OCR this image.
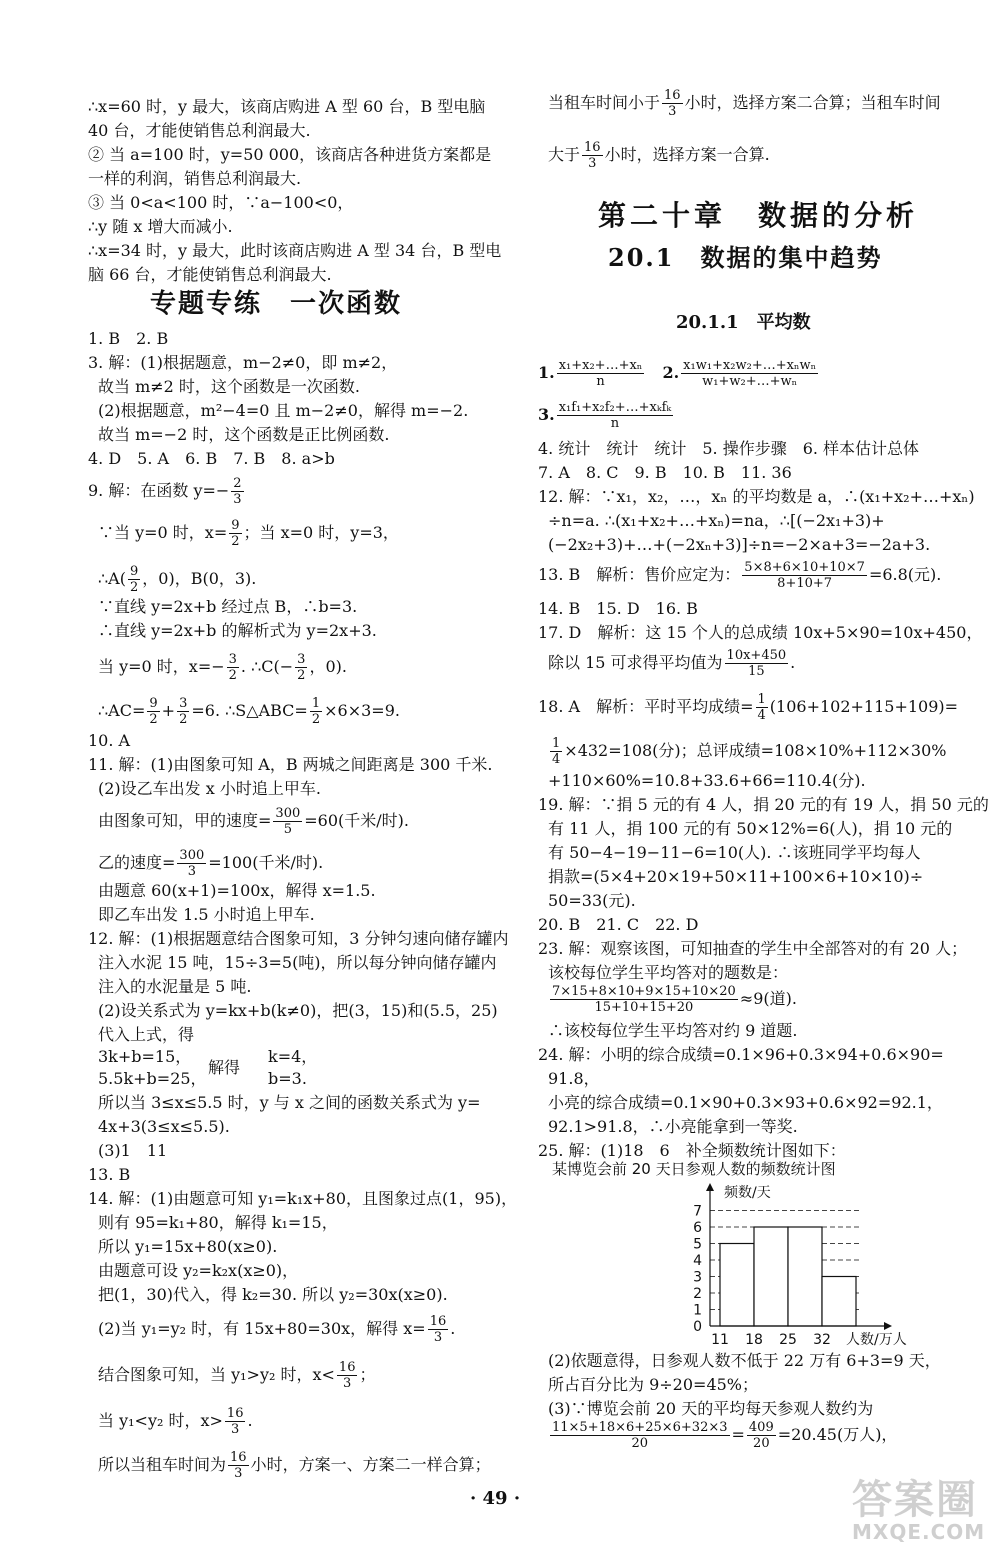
∴x=60 时，y 最大，该商店购进 A 型 60 台，B 型电脑
40 台，才能使销售总利润最大.
② 当 a=100 时，y=50 000，该商店各种进货方案都是
一样的利润，销售总利润最大.
③ 当 0<a<100 时，∵a−100<0，
∴y 随 x 增大而减小.
∴x=34 时，y 最大，此时该商店购进 A 型 34 台，B 型电
脑 66 台，才能使销售总利润最大.
专题专练　一次函数
1. B　2. B
3. 解：(1)根据题意，m−2≠0，即 m≠2，
故当 m≠2 时，这个函数是一次函数.
(2)根据题意，m²−4=0 且 m−2≠0，解得 m=−2.
故当 m=−2 时，这个函数是正比例函数.
4. D　5. A　6. B　7. B　8. a>b
9. 解：在函数 $y=- \frac{2}{3}$
∵当 y=0 时，$x= \frac{9}{2}$ ；当 x=0 时，y=3，
∴A( $\frac{9}{2}$ ，0)，B(0，3).
∵直线 y=2x+b 经过点 B，∴b=3.
∴直线 y=2x+b 的解析式为 y=2x+3.
当 y=0 时，$x=- \frac{3}{2}$ . ∴C(− $\frac{3}{2}$ ，0).
∴AC= $\frac{9}{2} + \frac{3}{2} =6$. ∴S△ABC= $\frac{1}{2} \times 6\times 3=9$.
10. A
11. 解：(1)由图象可知 A，B 两城之间距离是 300 千米.
(2)设乙车出发 x 小时追上甲车.
由图象可知，甲的速度= $\frac{300}{5} =60$(千米/时).
乙的速度= $\frac{300}{3} =100$(千米/时).
由题意 60(x+1)=100x，解得 x=1.5.
即乙车出发 1.5 小时追上甲车.
12. 解：(1)根据题意结合图象可知，3 分钟匀速向储存罐内
注入水泥 15 吨，15÷3=5(吨)，所以每分钟向储存罐内
注入的水泥量是 5 吨.
(2)设关系式为 y=kx+b(k≠0)，把(3，15)和(5.5，25)
代入上式，得
3k+b=15，
5.5k+b=25，
解得
k=4，
b=3.
所以当 3≤x≤5.5 时，y 与 x 之间的函数关系式为 y=
4x+3(3≤x≤5.5).
(3)1　11
13. B
14. 解：(1)由题意可知 y₁=k₁x+80，且图象过点(1，95)，
则有 95=k₁+80，解得 k₁=15，
所以 y₁=15x+80(x≥0).
由题意可设 y₂=k₂x(x≥0)，
把(1，30)代入，得 k₂=30. 所以 y₂=30x(x≥0).
(2)当 y₁=y₂ 时，有 15x+80=30x，解得 $x= \frac{16}{3}$ .
结合图象可知，当 y₁>y₂ 时，$x< \frac{16}{3}$ ；
当 y₁<y₂ 时，$x> \frac{16}{3}$ .
所以当租车时间为 $\frac{16}{3}$ 小时，方案一、方案二一样合算；
当租车时间小于 $\frac{16}{3}$ 小时，选择方案二合算；当租车时间
大于 $\frac{16}{3}$ 小时，选择方案一合算.
第二十章　数据的分析
20.1　数据的集中趋势
20.1.1　平均数
1. $\frac{\text{x₁+x₂+…+xₙ}}{n}$
　 2. $\frac{\text{x₁w₁+x₂w₂+…+xₙwₙ}}{\text{w₁+w₂+…+wₙ}}$
3. $\frac{\text{x₁f₁+x₂f₂+…+xₖfₖ}}{n}$
4. 统计　统计　统计　5. 操作步骤　6. 样本估计总体
7. A　8. C　9. B　10. B　11. 36
12. 解：∵x₁，x₂，…，xₙ 的平均数是 a，∴(x₁+x₂+…+xₙ)
÷n=a. ∴(x₁+x₂+…+xₙ)=na，∴[(−2x₁+3)+
(−2x₂+3)+…+(−2xₙ+3)]÷n=−2×a+3=−2a+3.
13. B　解析：售价应定为： $\frac{5\times 8+6\times 10+10\times 7}{8+10+7} =6.8$(元).
14. B　15. D　16. B
17. D　解析：这 15 个人的总成绩 10x+5×90=10x+450，
除以 15 可求得平均值为 $\frac{10x+450}{15}$ .
18. A　解析：平时平均成绩= $\frac{1}{4} (106+102+115+109)=$
$\frac{1}{4} \times 432=108$(分)；总评成绩=108×10%+112×30%
+110×60%=10.8+33.6+66=110.4(分).
19. 解：∵捐 5 元的有 4 人，捐 20 元的有 19 人，捐 50 元的
有 11 人，捐 100 元的有 50×12%=6(人)，捐 10 元的
有 50−4−19−11−6=10(人). ∴该班同学平均每人
捐款=(5×4+20×19+50×11+100×6+10×10)÷
50=33(元).
20. B　21. C　22. D
23. 解：观察该图，可知抽查的学生中全部答对的有 20 人；
该校每位学生平均答对的题数是：
$\frac{7\times 15+8\times 10+9\times 15+10\times 20}{15+10+15+20} \approx 9$(道).
∴该校每位学生平均答对约 9 道题.
24. 解：小明的综合成绩=0.1×96+0.3×94+0.6×90=
91.8，
小亮的综合成绩=0.1×90+0.3×93+0.6×92=92.1，
92.1>91.8，∴小亮能拿到一等奖.
25. 解：(1)18　6　补全频数统计图如下：
某博览会前 20 天日参观人数的频数统计图
0
1
2
3
4
5
6
7
11 18 25 32
频数/天
人数/万人
(2)依题意得，日参观人数不低于 22 万有 6+3=9 天，
所占百分比为 9÷20=45%；
(3)∵博览会前 20 天的平均每天参观人数约为
$\frac{11\times 5+18\times 6+25\times 6+32\times 3}{20} = \frac{409}{20} =20.45$(万人)，
· 49 ·	答案圈
MXQE.COM
